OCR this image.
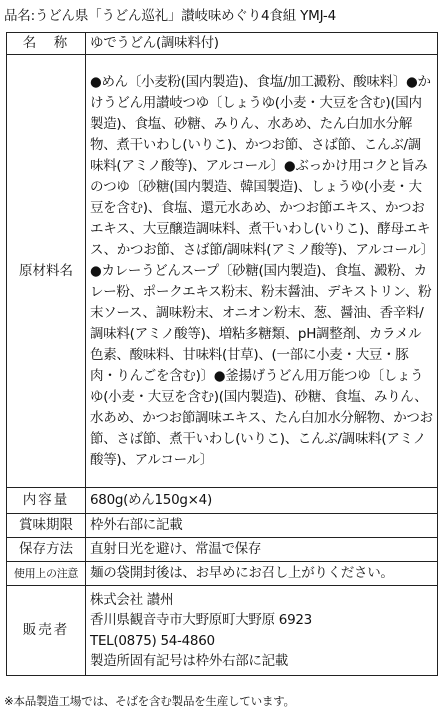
品名:うどん県「うどん巡礼」讃岐味めぐり4食組 YMJ-4
名　称	ゆでうどん(調味料付)
原材料名	●めん〔小麦粉(国内製造)、食塩/加工澱粉、酸味料〕●かけうどん用讃岐つゆ〔しょうゆ(小麦・大豆を含む)(国内製造)、食塩、砂糖、みりん、水あめ、たん白加水分解物、煮干いわし(いりこ)、かつお節、さば節、こんぶ/調味料(アミノ酸等)、アルコール〕●ぶっかけ用コクと旨みのつゆ〔砂糖(国内製造、韓国製造)、しょうゆ(小麦・大豆を含む)、食塩、還元水あめ、かつお節エキス、かつおエキス、大豆醸造調味料、煮干いわし(いりこ)、酵母エキス、かつお節、さば節/調味料(アミノ酸等)、アルコール〕●カレーうどんスープ〔砂糖(国内製造)、食塩、澱粉、カレー粉、ポークエキス粉末、粉末醤油、デキストリン、粉末ソース、調味粉末、オニオン粉末、葱、醤油、香辛料/調味料(アミノ酸等)、増粘多糖類、pH調整剤、カラメル色素、酸味料、甘味料(甘草)、(一部に小麦・大豆・豚肉・りんごを含む)〕●釜揚げうどん用万能つゆ〔しょうゆ(小麦・大豆を含む)(国内製造)、砂糖、食塩、みりん、水あめ、かつお節調味エキス、たん白加水分解物、かつお節、さば節、煮干いわし(いりこ)、こんぶ/調味料(アミノ酸等)、アルコール〕
内容量	680g(めん150g×4)
賞味期限	枠外右部に記載
保存方法	直射日光を避け、常温で保存
使用上の注意	麺の袋開封後は、お早めにお召し上がりください。
販売者	株式会社 讃州
香川県観音寺市大野原町大野原 6923
TEL(0875) 54-4860
製造所固有記号は枠外右部に記載
※本品製造工場では、そばを含む製品を生産しています。
